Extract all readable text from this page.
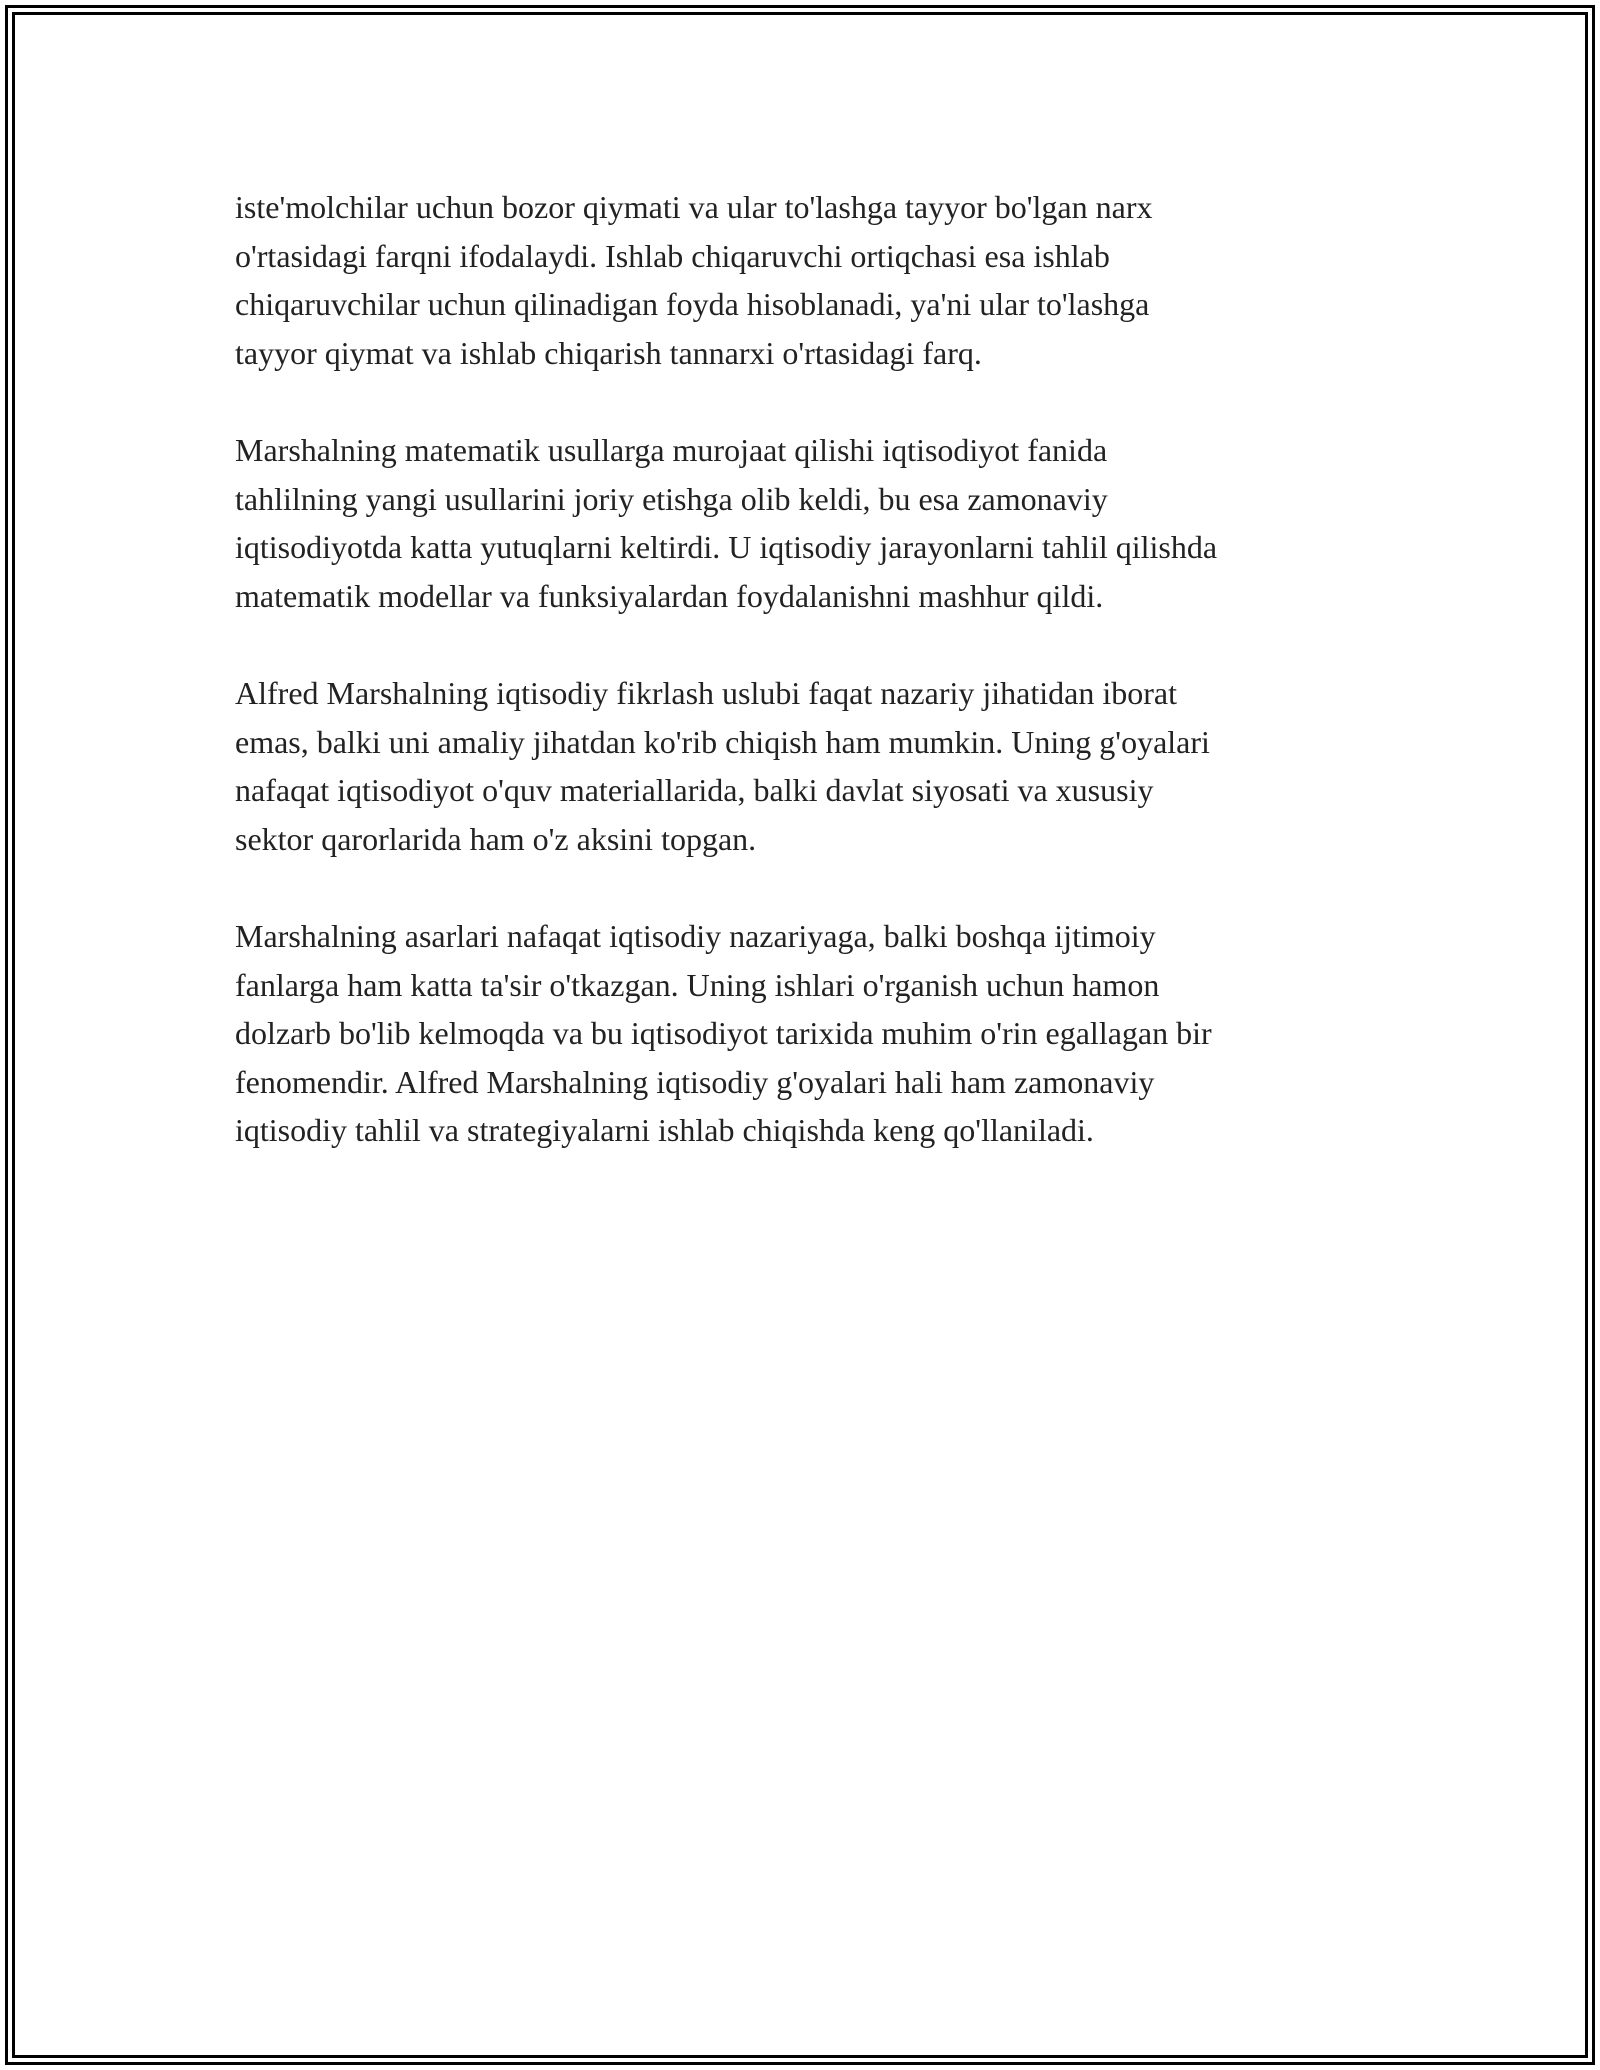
iste'molchilar uchun bozor qiymati va ular to'lashga tayyor bo'lgan narx
o'rtasidagi farqni ifodalaydi. Ishlab chiqaruvchi ortiqchasi esa ishlab
chiqaruvchilar uchun qilinadigan foyda hisoblanadi, ya'ni ular to'lashga
tayyor qiymat va ishlab chiqarish tannarxi o'rtasidagi farq.

Marshalning matematik usullarga murojaat qilishi iqtisodiyot fanida
tahlilning yangi usullarini joriy etishga olib keldi, bu esa zamonaviy
iqtisodiyotda katta yutuqlarni keltirdi. U iqtisodiy jarayonlarni tahlil qilishda
matematik modellar va funksiyalardan foydalanishni mashhur qildi.

Alfred Marshalning iqtisodiy fikrlash uslubi faqat nazariy jihatidan iborat
emas, balki uni amaliy jihatdan ko'rib chiqish ham mumkin. Uning g'oyalari
nafaqat iqtisodiyot o'quv materiallarida, balki davlat siyosati va xususiy
sektor qarorlarida ham o'z aksini topgan.

Marshalning asarlari nafaqat iqtisodiy nazariyaga, balki boshqa ijtimoiy
fanlarga ham katta ta'sir o'tkazgan. Uning ishlari o'rganish uchun hamon
dolzarb bo'lib kelmoqda va bu iqtisodiyot tarixida muhim o'rin egallagan bir
fenomendir. Alfred Marshalning iqtisodiy g'oyalari hali ham zamonaviy
iqtisodiy tahlil va strategiyalarni ishlab chiqishda keng qo'llaniladi.
